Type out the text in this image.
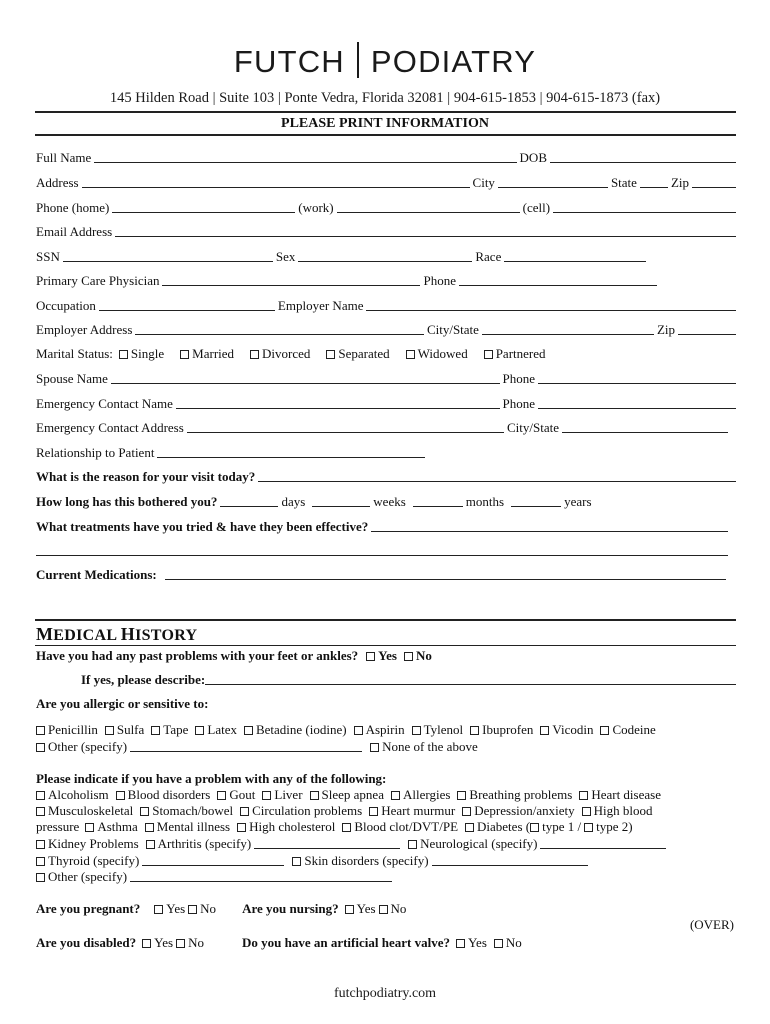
FUTCH PODIATRY
145 Hilden Road | Suite 103 | Ponte Vedra, Florida 32081 | 904-615-1853 | 904-615-1873 (fax)
PLEASE PRINT INFORMATION
Full Name	DOB
Address	City	State	Zip
Phone (home)	(work)	(cell)
Email Address
SSN	Sex	Race
Primary Care Physician	Phone
Occupation	Employer Name
Employer Address	City/State	Zip
Marital Status: Single Married Divorced Separated Widowed Partnered
Spouse Name	Phone
Emergency Contact Name	Phone
Emergency Contact Address	City/State
Relationship to Patient
What is the reason for your visit today?
How long has this bothered you?	days	weeks	months	years
What treatments have you tried & have they been effective?
Current Medications:
MEDICAL HISTORY
Have you had any past problems with your feet or ankles? Yes No
If yes, please describe:
Are you allergic or sensitive to:
Penicillin Sulfa Tape Latex Betadine (iodine) Aspirin Tylenol Ibuprofen Vicodin Codeine
Other (specify)	None of the above
Please indicate if you have a problem with any of the following:
Alcoholism Blood disorders Gout Liver Sleep apnea Allergies Breathing problems Heart disease
Musculoskeletal Stomach/bowel Circulation problems Heart murmur Depression/anxiety High blood
pressure Asthma Mental illness High cholesterol Blood clot/DVT/PE Diabetes ( type 1 / type 2)
Kidney Problems Arthritis (specify)	Neurological (specify)
Thyroid (specify)	Skin disorders (specify)
Other (specify)
Are you pregnant? Yes No Are you nursing? Yes No
(OVER)
Are you disabled? Yes No	Do you have an artificial heart valve? Yes No
futchpodiatry.com
